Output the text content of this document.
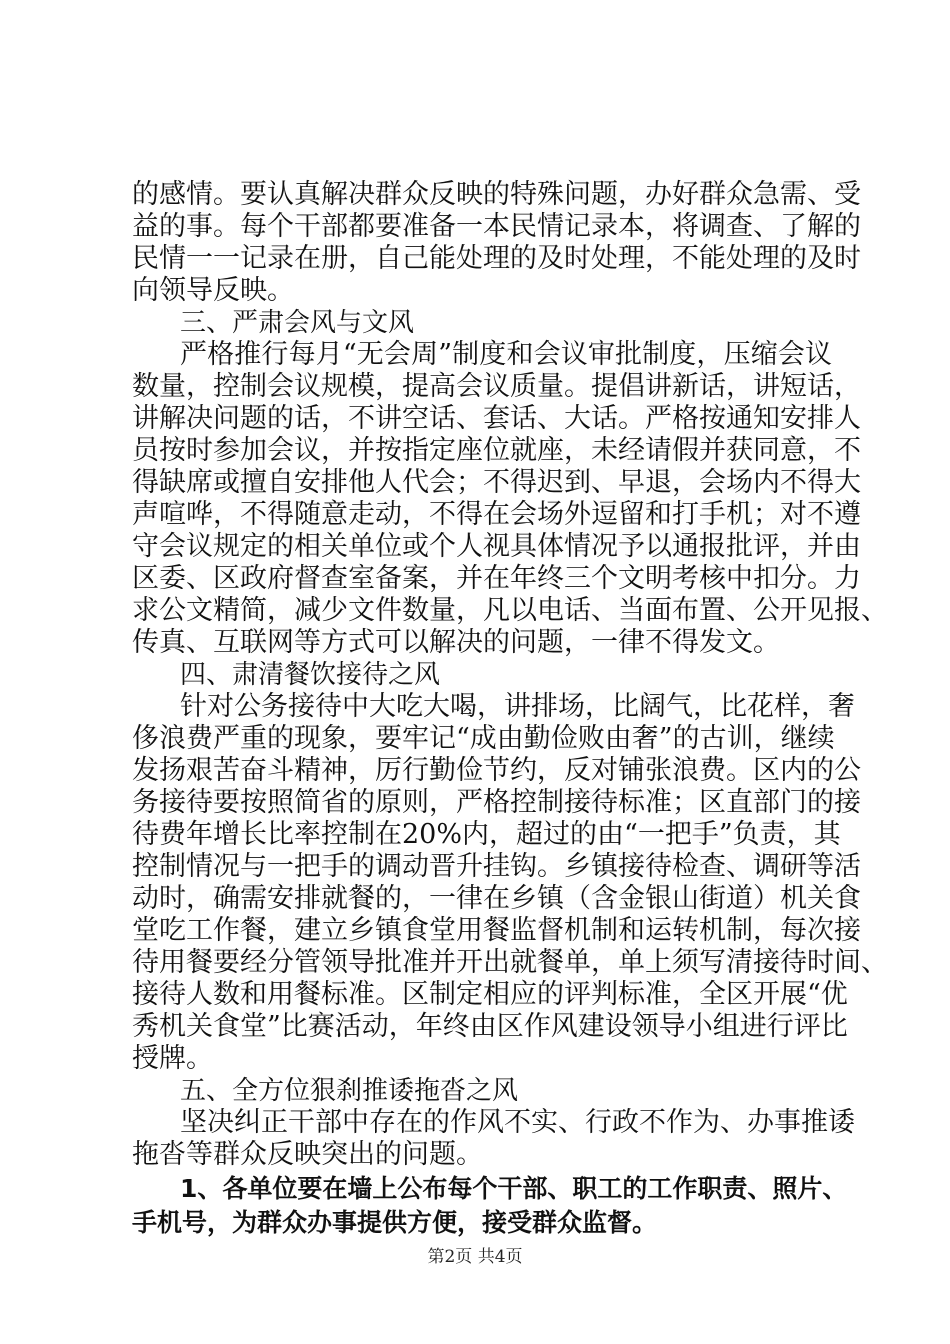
的感情。要认真解决群众反映的特殊问题，办好群众急需、受
益的事。每个干部都要准备一本民情记录本，将调查、了解的
民情一一记录在册，自己能处理的及时处理，不能处理的及时
向领导反映。
三、严肃会风与文风
严格推行每月“无会周”制度和会议审批制度，压缩会议
数量，控制会议规模，提高会议质量。提倡讲新话，讲短话，
讲解决问题的话，不讲空话、套话、大话。严格按通知安排人
员按时参加会议，并按指定座位就座，未经请假并获同意，不
得缺席或擅自安排他人代会；不得迟到、早退，会场内不得大
声喧哗，不得随意走动，不得在会场外逗留和打手机；对不遵
守会议规定的相关单位或个人视具体情况予以通报批评，并由
区委、区政府督查室备案，并在年终三个文明考核中扣分。力
求公文精简，减少文件数量，凡以电话、当面布置、公开见报、
传真、互联网等方式可以解决的问题，一律不得发文。
四、肃清餐饮接待之风
针对公务接待中大吃大喝，讲排场，比阔气，比花样，奢
侈浪费严重的现象，要牢记“成由勤俭败由奢”的古训，继续
发扬艰苦奋斗精神，厉行勤俭节约，反对铺张浪费。区内的公
务接待要按照简省的原则，严格控制接待标准；区直部门的接
待费年增长比率控制在20%内，超过的由“一把手”负责，其
控制情况与一把手的调动晋升挂钩。乡镇接待检查、调研等活
动时，确需安排就餐的，一律在乡镇（含金银山街道）机关食
堂吃工作餐，建立乡镇食堂用餐监督机制和运转机制，每次接
待用餐要经分管领导批准并开出就餐单，单上须写清接待时间、
接待人数和用餐标准。区制定相应的评判标准，全区开展“优
秀机关食堂”比赛活动，年终由区作风建设领导小组进行评比
授牌。
五、全方位狠刹推诿拖沓之风
坚决纠正干部中存在的作风不实、行政不作为、办事推诿
拖沓等群众反映突出的问题。
1、各单位要在墙上公布每个干部、职工的工作职责、照片、
手机号，为群众办事提供方便，接受群众监督。
第2页 共4页
